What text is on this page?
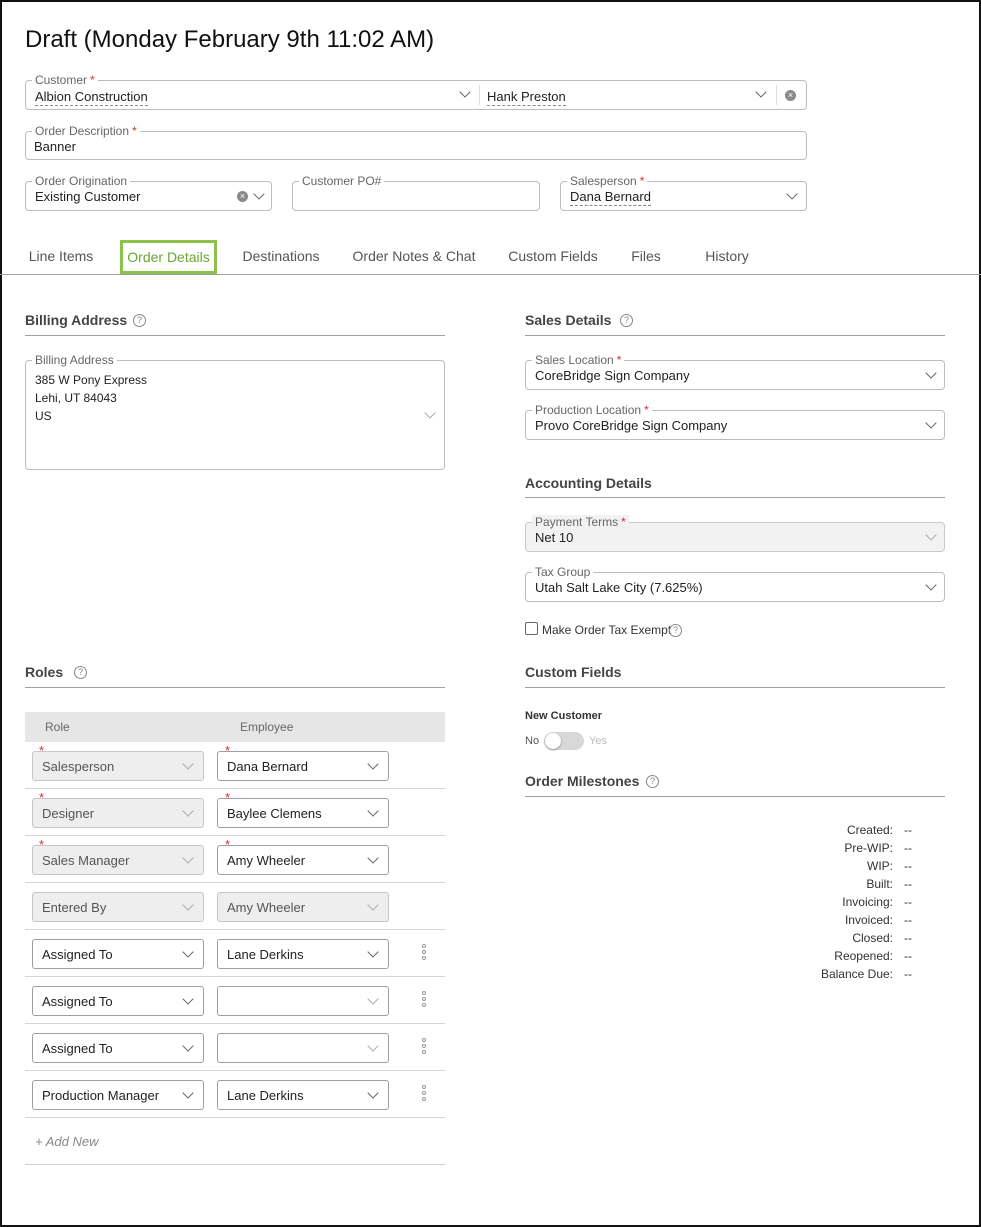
Draft (Monday February 9th 11:02 AM)
Customer *
Albion Construction	Hank Preston	×
Order Description *
Banner
Order Origination
Existing Customer	×
Customer PO#	Salesperson *
Dana Bernard
Line Items	Order Details	Destinations Order Notes & Chat Custom Fields Files	History
Billing Address	?
Billing Address
385 W Pony Express
Lehi, UT 84043
US
Sales Details	?
Sales Location *
CoreBridge Sign Company
Production Location *
Provo CoreBridge Sign Company
Accounting Details
Payment Terms *
Net 10
Tax Group
Utah Salt Lake City (7.625%)
Make Order Tax Exempt ?
Custom Fields
New Customer
No	Yes
Order Milestones	?
Created: --
Pre-WIP: --
WIP: --
Built: --
Invoicing: --
Invoiced: --
Closed: --
Reopened: --
Balance Due: --
Roles	?
Role	Employee
Salesperson	Dana Bernard
Designer	Baylee Clemens
Sales Manager	Amy Wheeler
Entered By	Amy Wheeler
Assigned To	Lane Derkins
Assigned To
Assigned To
Production Manager	Lane Derkins
+ Add New
